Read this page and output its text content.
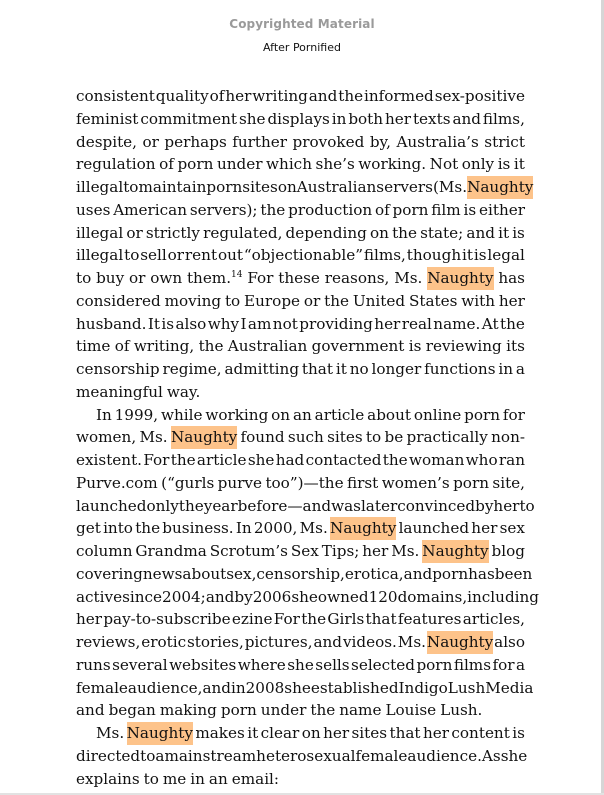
Copyrighted Material
After Pornified
consistent quality of her writing and the informed sex-positive
feminist commitment she displays in both her texts and films,
despite, or perhaps further provoked by, Australia’s strict
regulation of porn under which she’s working. Not only is it
illegal to maintain porn sites on Australian servers (Ms. Naughty
uses American servers); the production of porn film is either
illegal or strictly regulated, depending on the state; and it is
illegal to sell or rent out “objectionable” films, though it is legal
to buy or own them.$^{14}$ For these reasons, Ms. Naughty has
considered moving to Europe or the United States with her
husband. It is also why I am not providing her real name. At the
time of writing, the Australian government is reviewing its
censorship regime, admitting that it no longer functions in a
meaningful way.
In 1999, while working on an article about online porn for
women, Ms. Naughty found such sites to be practically non-
existent. For the article she had contacted the woman who ran
Purve.com (“gurls purve too”)—the first women’s porn site,
launched only the year before—and was later convinced by her to
get into the business. In 2000, Ms. Naughty launched her sex
column Grandma Scrotum’s Sex Tips; her Ms. Naughty blog
covering news about sex, censorship, erotica, and porn has been
active since 2004; and by 2006 she owned 120 domains, including
her pay-to-subscribe ezine For the Girls that features articles,
reviews, erotic stories, pictures, and videos. Ms. Naughty also
runs several websites where she sells selected porn films for a
female audience, and in 2008 she established Indigo Lush Media
and began making porn under the name Louise Lush.
Ms. Naughty makes it clear on her sites that her content is
directed to a mainstream heterosexual female audience. As she
explains to me in an email:
